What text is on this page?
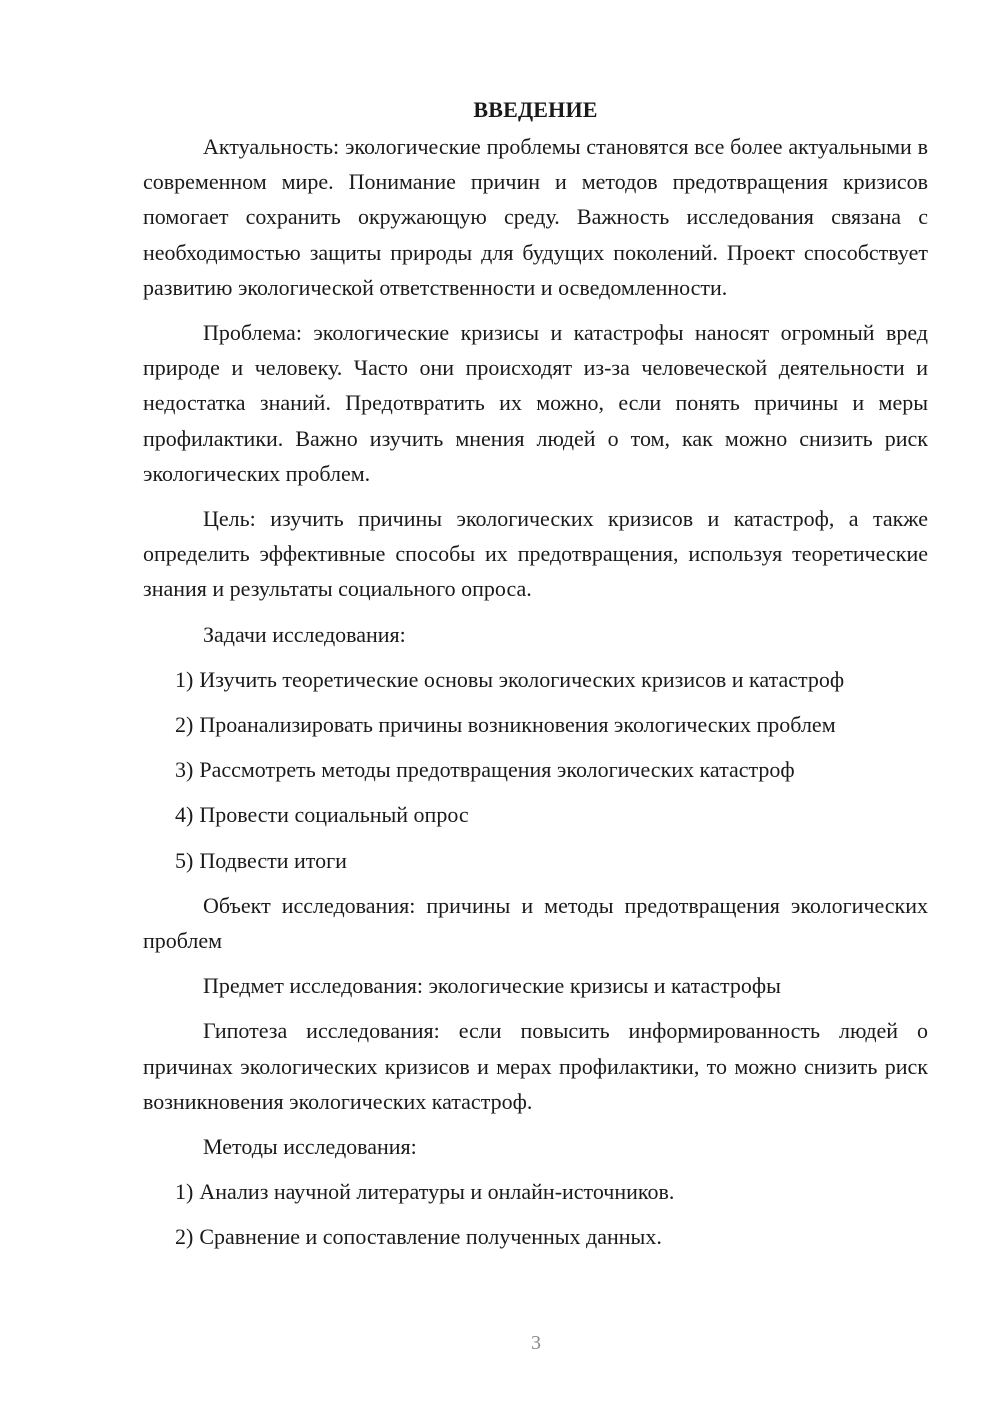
ВВЕДЕНИЕ

Актуальность: экологические проблемы становятся все более актуальными в современном мире. Понимание причин и методов предотвращения кризисов помогает сохранить окружающую среду. Важность исследования связана с необходимостью защиты природы для будущих поколений. Проект способствует развитию экологической ответственности и осведомленности.

Проблема: экологические кризисы и катастрофы наносят огромный вред природе и человеку. Часто они происходят из-за человеческой деятельности и недостатка знаний. Предотвратить их можно, если понять причины и меры профилактики. Важно изучить мнения людей о том, как можно снизить риск экологических проблем.

Цель: изучить причины экологических кризисов и катастроф, а также определить эффективные способы их предотвращения, используя теоретические знания и результаты социального опроса.

Задачи исследования:

1) Изучить теоретические основы экологических кризисов и катастроф
2) Проанализировать причины возникновения экологических проблем
3) Рассмотреть методы предотвращения экологических катастроф
4) Провести социальный опрос
5) Подвести итоги

Объект исследования: причины и методы предотвращения экологических проблем

Предмет исследования: экологические кризисы и катастрофы

Гипотеза исследования: если повысить информированность людей о причинах экологических кризисов и мерах профилактики, то можно снизить риск возникновения экологических катастроф.

Методы исследования:

1) Анализ научной литературы и онлайн-источников.
2) Сравнение и сопоставление полученных данных.
3
